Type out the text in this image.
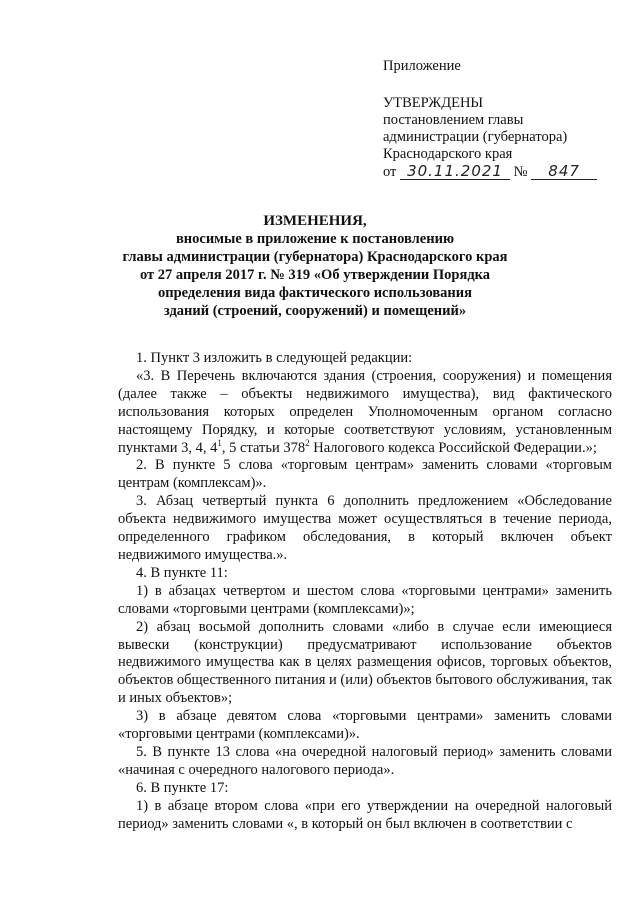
Приложение
УТВЕРЖДЕНЫ
постановлением главы
администрации (губернатора)
Краснодарского края
от 30.11.2021 № 847
ИЗМЕНЕНИЯ,
вносимые в приложение к постановлению
главы администрации (губернатора) Краснодарского края
от 27 апреля 2017 г. № 319 «Об утверждении Порядка
определения вида фактического использования
зданий (строений, сооружений) и помещений»

1. Пункт 3 изложить в следующей редакции:

«3. В Перечень включаются здания (строения, сооружения) и помещения (далее также – объекты недвижимого имущества), вид фактического использования которых определен Уполномоченным органом согласно настоящему Порядку, и которые соответствуют условиям, установленным пунктами 3, 4, $4^1$, 5 статьи $378^2$ Налогового кодекса Российской Федерации.»;

2. В пункте 5 слова «торговым центрам» заменить словами «торговым центрам (комплексам)».

3. Абзац четвертый пункта 6 дополнить предложением «Обследование объекта недвижимого имущества может осуществляться в течение периода, определенного графиком обследования, в который включен объект недвижимого имущества.».

4. В пункте 11:

1) в абзацах четвертом и шестом слова «торговыми центрами» заменить словами «торговыми центрами (комплексами)»;

2) абзац восьмой дополнить словами «либо в случае если имеющиеся вывески (конструкции) предусматривают использование объектов недвижимого имущества как в целях размещения офисов, торговых объектов, объектов общественного питания и (или) объектов бытового обслуживания, так и иных объектов»;

3) в абзаце девятом слова «торговыми центрами» заменить словами «торговыми центрами (комплексами)».

5. В пункте 13 слова «на очередной налоговый период» заменить словами «начиная с очередного налогового периода».

6. В пункте 17:

1) в абзаце втором слова «при его утверждении на очередной налоговый период» заменить словами «, в который он был включен в соответствии с
